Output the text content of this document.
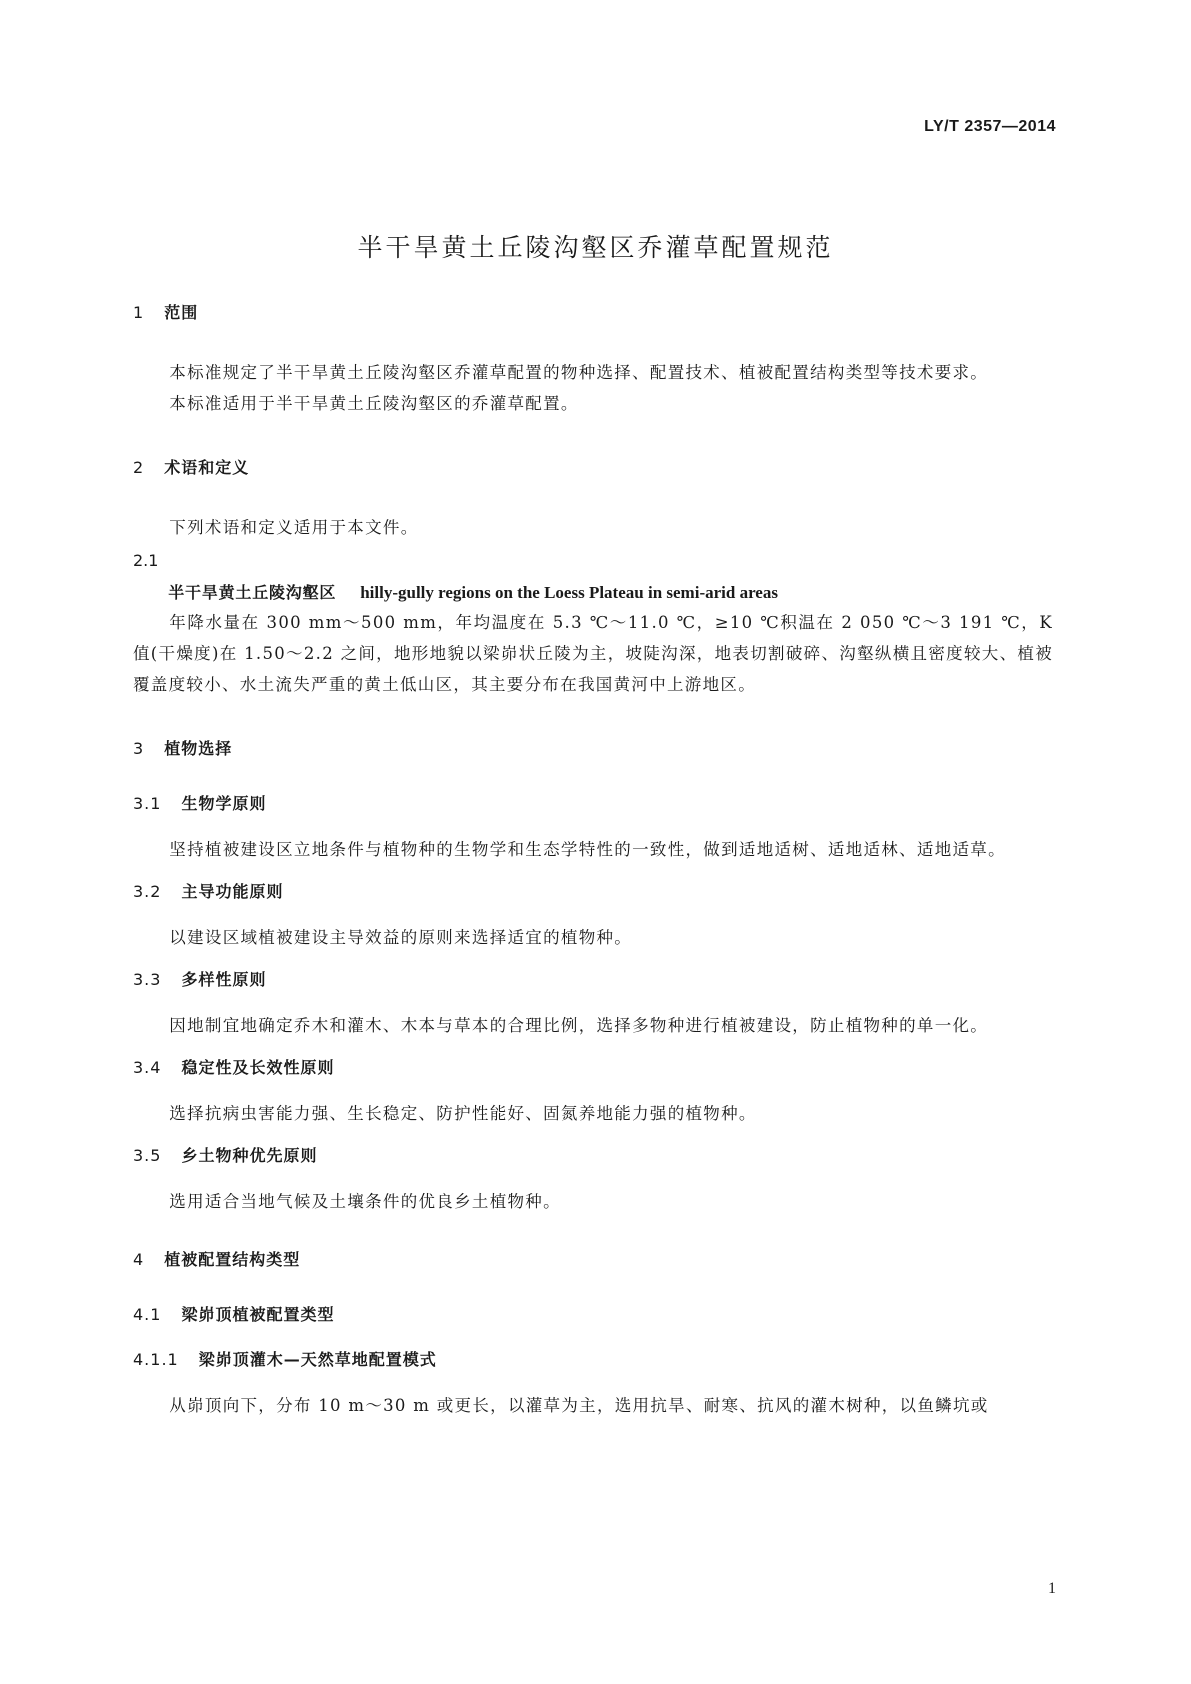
LY/T 2357—2014
半干旱黄土丘陵沟壑区乔灌草配置规范
1 范围

本标准规定了半干旱黄土丘陵沟壑区乔灌草配置的物种选择、配置技术、植被配置结构类型等技术要求。

本标准适用于半干旱黄土丘陵沟壑区的乔灌草配置。

2 术语和定义

下列术语和定义适用于本文件。

2.1

半干旱黄土丘陵沟壑区 hilly-gully regions on the Loess Plateau in semi-arid areas

年降水量在 300 mm～500 mm，年均温度在 5.3 ℃～11.0 ℃，≥10 ℃积温在 2 050 ℃～3 191 ℃，K 值(干燥度)在 1.50～2.2 之间，地形地貌以梁峁状丘陵为主，坡陡沟深，地表切割破碎、沟壑纵横且密度较大、植被覆盖度较小、水土流失严重的黄土低山区，其主要分布在我国黄河中上游地区。

3 植物选择
3.1 生物学原则

坚持植被建设区立地条件与植物种的生物学和生态学特性的一致性，做到适地适树、适地适林、适地适草。

3.2 主导功能原则

以建设区域植被建设主导效益的原则来选择适宜的植物种。

3.3 多样性原则

因地制宜地确定乔木和灌木、木本与草本的合理比例，选择多物种进行植被建设，防止植物种的单一化。

3.4 稳定性及长效性原则

选择抗病虫害能力强、生长稳定、防护性能好、固氮养地能力强的植物种。

3.5 乡土物种优先原则

选用适合当地气候及土壤条件的优良乡土植物种。

4 植被配置结构类型
4.1 梁峁顶植被配置类型
4.1.1 梁峁顶灌木—天然草地配置模式

从峁顶向下，分布 10 m～30 m 或更长，以灌草为主，选用抗旱、耐寒、抗风的灌木树种，以鱼鳞坑或

1
